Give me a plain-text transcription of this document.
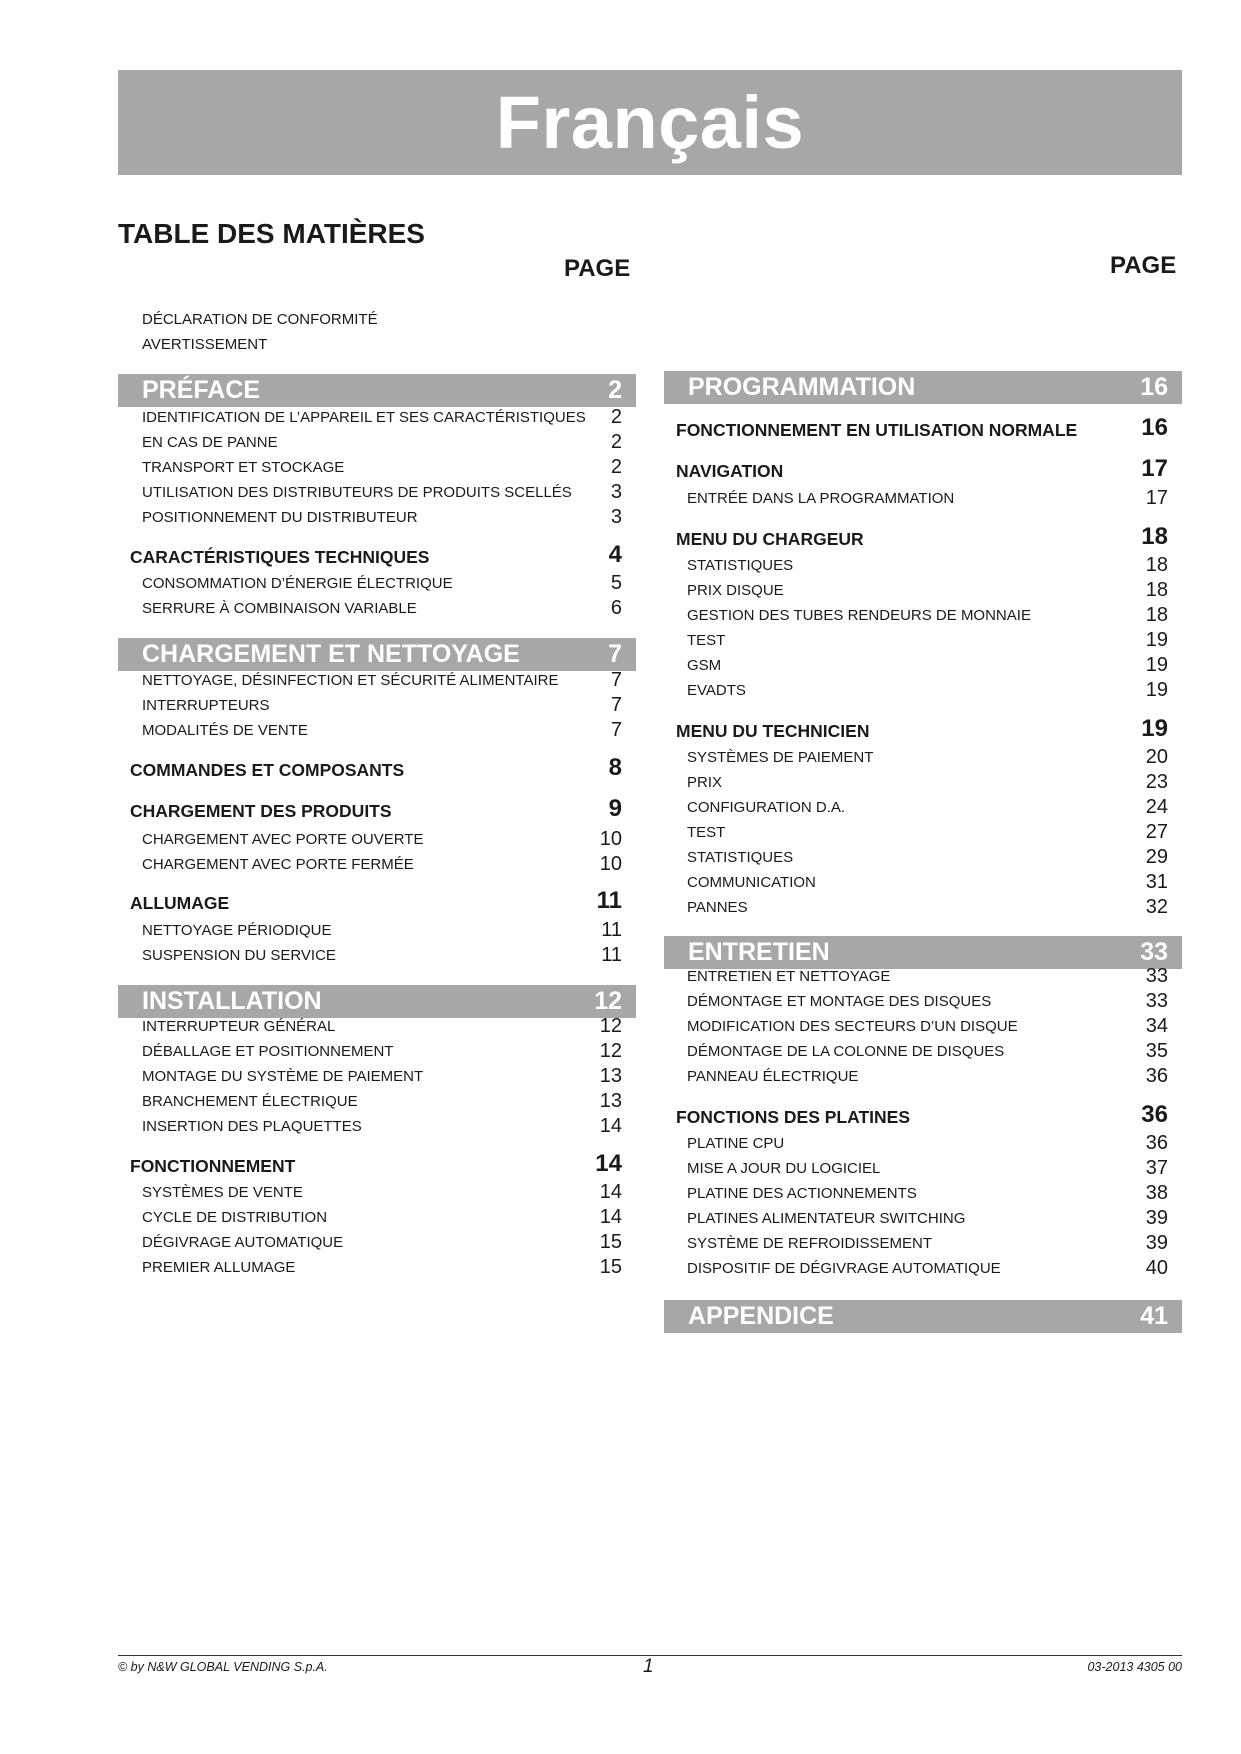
Français
TABLE DES MATIÈRES
PAGE	PAGE
DÉCLARATION DE CONFORMITÉ
AVERTISSEMENT
PRÉFACE	2
IDENTIFICATION DE L’APPAREIL ET SES CARACTÉRISTIQUES 2
EN CAS DE PANNE	2
TRANSPORT ET STOCKAGE	2
UTILISATION DES DISTRIBUTEURS DE PRODUITS SCELLÉS 3
POSITIONNEMENT DU DISTRIBUTEUR	3
CARACTÉRISTIQUES TECHNIQUES	4
CONSOMMATION D’ÉNERGIE ÉLECTRIQUE	5
SERRURE À COMBINAISON VARIABLE	6
CHARGEMENT ET NETTOYAGE	7
NETTOYAGE, DÉSINFECTION ET SÉCURITÉ ALIMENTAIRE	7
INTERRUPTEURS	7
MODALITÉS DE VENTE	7
COMMANDES ET COMPOSANTS	8
CHARGEMENT DES PRODUITS	9
CHARGEMENT AVEC PORTE OUVERTE	10
CHARGEMENT AVEC PORTE FERMÉE	10
ALLUMAGE	11
NETTOYAGE PÉRIODIQUE	11
SUSPENSION DU SERVICE	11
INSTALLATION	12
INTERRUPTEUR GÉNÉRAL	12
DÉBALLAGE ET POSITIONNEMENT	12
MONTAGE DU SYSTÈME DE PAIEMENT	13
BRANCHEMENT ÉLECTRIQUE	13
INSERTION DES PLAQUETTES	14
FONCTIONNEMENT	14
SYSTÈMES DE VENTE	14
CYCLE DE DISTRIBUTION	14
DÉGIVRAGE AUTOMATIQUE	15
PREMIER ALLUMAGE	15
PROGRAMMATION	16
FONCTIONNEMENT EN UTILISATION NORMALE	16
NAVIGATION	17
ENTRÉE DANS LA PROGRAMMATION	17
MENU DU CHARGEUR	18
STATISTIQUES	18
PRIX DISQUE	18
GESTION DES TUBES RENDEURS DE MONNAIE	18
TEST	19
GSM	19
EVADTS	19
MENU DU TECHNICIEN	19
SYSTÈMES DE PAIEMENT	20
PRIX	23
CONFIGURATION D.A.	24
TEST	27
STATISTIQUES	29
COMMUNICATION	31
PANNES	32
ENTRETIEN	33
ENTRETIEN ET NETTOYAGE	33
DÉMONTAGE ET MONTAGE DES DISQUES	33
MODIFICATION DES SECTEURS D’UN DISQUE	34
DÉMONTAGE DE LA COLONNE DE DISQUES	35
PANNEAU ÉLECTRIQUE	36
FONCTIONS DES PLATINES	36
PLATINE CPU	36
MISE A JOUR DU LOGICIEL	37
PLATINE DES ACTIONNEMENTS	38
PLATINES ALIMENTATEUR SWITCHING	39
SYSTÈME DE REFROIDISSEMENT	39
DISPOSITIF DE DÉGIVRAGE AUTOMATIQUE	40
APPENDICE	41
© by N&W GLOBAL VENDING S.p.A.	1	03-2013 4305 00
